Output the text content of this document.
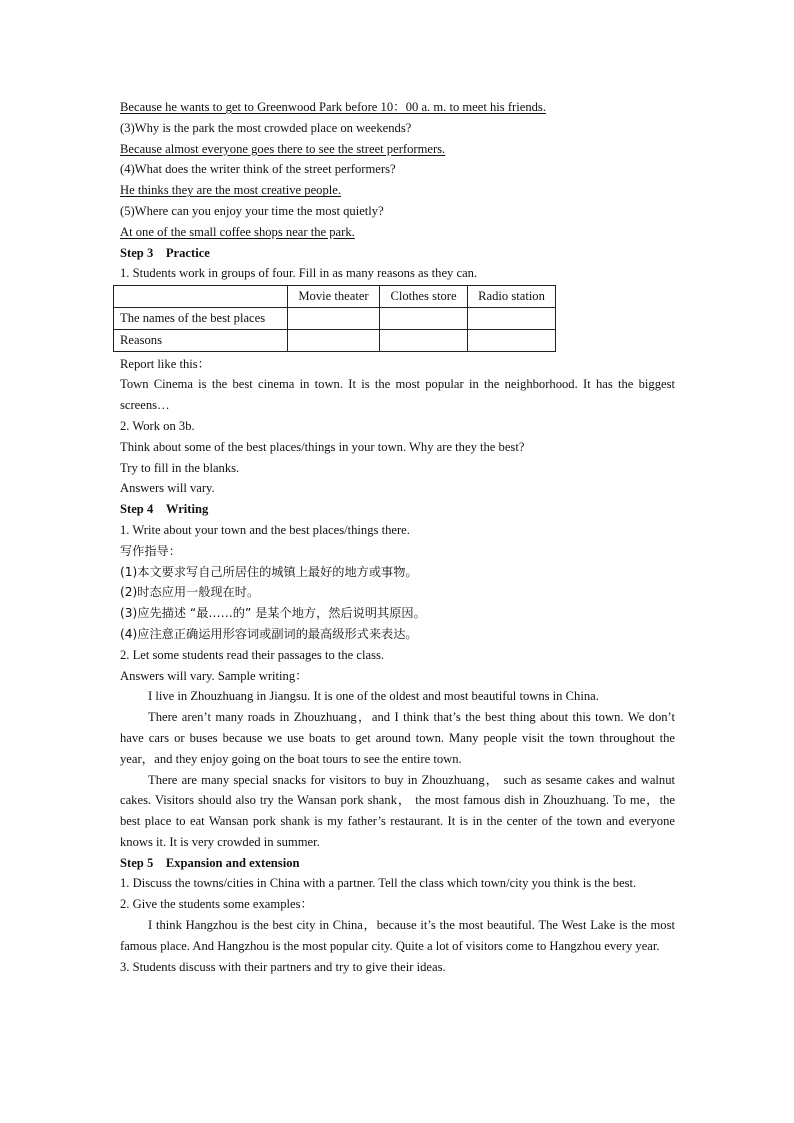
Because he wants to get to Greenwood Park before 10：00 a. m. to meet his friends.
(3)Why is the park the most crowded place on weekends?
Because almost everyone goes there to see the street performers.
(4)What does the writer think of the street performers?
He thinks they are the most creative people.
(5)Where can you enjoy your time the most quietly?
At one of the small coffee shops near the park.
Step 3　Practice
1. Students work in groups of four. Fill in as many reasons as they can.
	Movie theater	Clothes store	Radio station
The names of the best places			
Reasons			
Report like this：
Town Cinema is the best cinema in town. It is the most popular in the neighborhood. It has the biggest screens…
2. Work on 3b.
Think about some of the best places/things in your town. Why are they the best?
Try to fill in the blanks.
Answers will vary.
Step 4　Writing
1. Write about your town and the best places/things there.
写作指导：
(1)本文要求写自己所居住的城镇上最好的地方或事物。
(2)时态应用一般现在时。
(3)应先描述 “最……的” 是某个地方，然后说明其原因。
(4)应注意正确运用形容词或副词的最高级形式来表达。
2. Let some students read their passages to the class.
Answers will vary. Sample writing：
I live in Zhouzhuang in Jiangsu. It is one of the oldest and most beautiful towns in China.
There aren’t many roads in Zhouzhuang，and I think that’s the best thing about this town. We don’t have cars or buses because we use boats to get around town. Many people visit the town throughout the year，and they enjoy going on the boat tours to see the entire town.
There are many special snacks for visitors to buy in Zhouzhuang， such as sesame cakes and walnut cakes. Visitors should also try the Wansan pork shank， the most famous dish in Zhouzhuang. To me，the best place to eat Wansan pork shank is my father’s restaurant. It is in the center of the town and everyone knows it. It is very crowded in summer.
Step 5　Expansion and extension
1. Discuss the towns/cities in China with a partner. Tell the class which town/city you think is the best.
2. Give the students some examples：
I think Hangzhou is the best city in China，because it’s the most beautiful. The West Lake is the most famous place. And Hangzhou is the most popular city. Quite a lot of visitors come to Hangzhou every year.
3. Students discuss with their partners and try to give their ideas.
